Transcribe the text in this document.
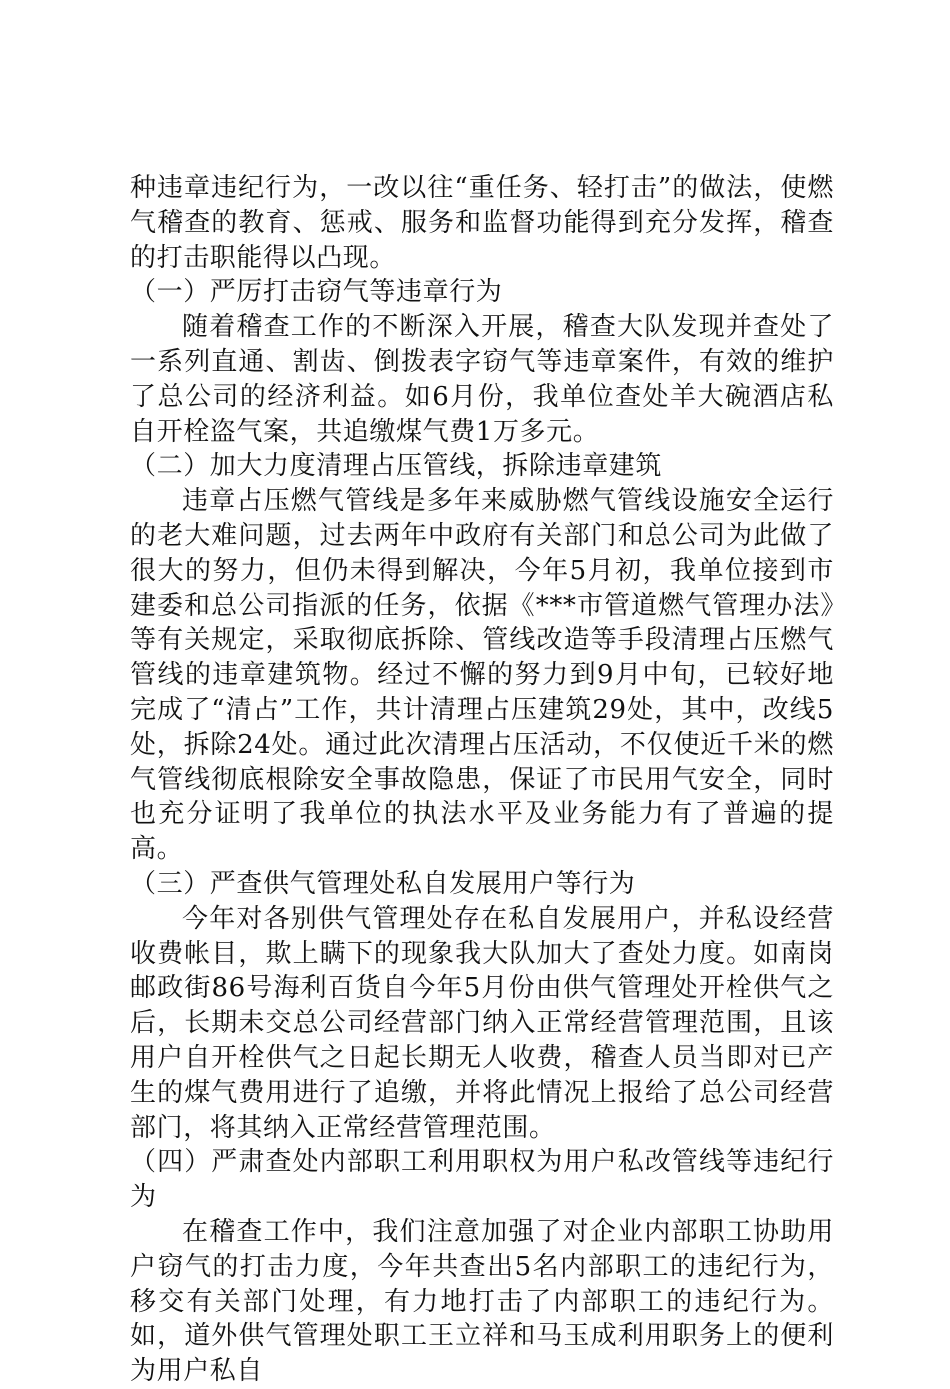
种违章违纪行为，一改以往“重任务、轻打击”的做法，使燃气稽查的教育、惩戒、服务和监督功能得到充分发挥，稽查的打击职能得以凸现。

（一）严厉打击窃气等违章行为

随着稽查工作的不断深入开展，稽查大队发现并查处了一系列直通、割齿、倒拨表字窃气等违章案件，有效的维护了总公司的经济利益。如6月份，我单位查处羊大碗酒店私自开栓盗气案，共追缴煤气费1万多元。

（二）加大力度清理占压管线，拆除违章建筑

违章占压燃气管线是多年来威胁燃气管线设施安全运行的老大难问题，过去两年中政府有关部门和总公司为此做了很大的努力，但仍未得到解决，今年5月初，我单位接到市建委和总公司指派的任务，依据《***市管道燃气管理办法》等有关规定，采取彻底拆除、管线改造等手段清理占压燃气管线的违章建筑物。经过不懈的努力到9月中旬，已较好地完成了“清占”工作，共计清理占压建筑29处，其中，改线5处，拆除24处。通过此次清理占压活动，不仅使近千米的燃气管线彻底根除安全事故隐患，保证了市民用气安全，同时也充分证明了我单位的执法水平及业务能力有了普遍的提高。

（三）严查供气管理处私自发展用户等行为

今年对各别供气管理处存在私自发展用户，并私设经营收费帐目，欺上瞒下的现象我大队加大了查处力度。如南岗邮政街86号海利百货自今年5月份由供气管理处开栓供气之后，长期未交总公司经营部门纳入正常经营管理范围，且该用户自开栓供气之日起长期无人收费，稽查人员当即对已产生的煤气费用进行了追缴，并将此情况上报给了总公司经营部门，将其纳入正常经营管理范围。

（四）严肃查处内部职工利用职权为用户私改管线等违纪行为

在稽查工作中，我们注意加强了对企业内部职工协助用户窃气的打击力度，今年共查出5名内部职工的违纪行为，移交有关部门处理，有力地打击了内部职工的违纪行为。如，道外供气管理处职工王立祥和马玉成利用职务上的便利为用户私自
